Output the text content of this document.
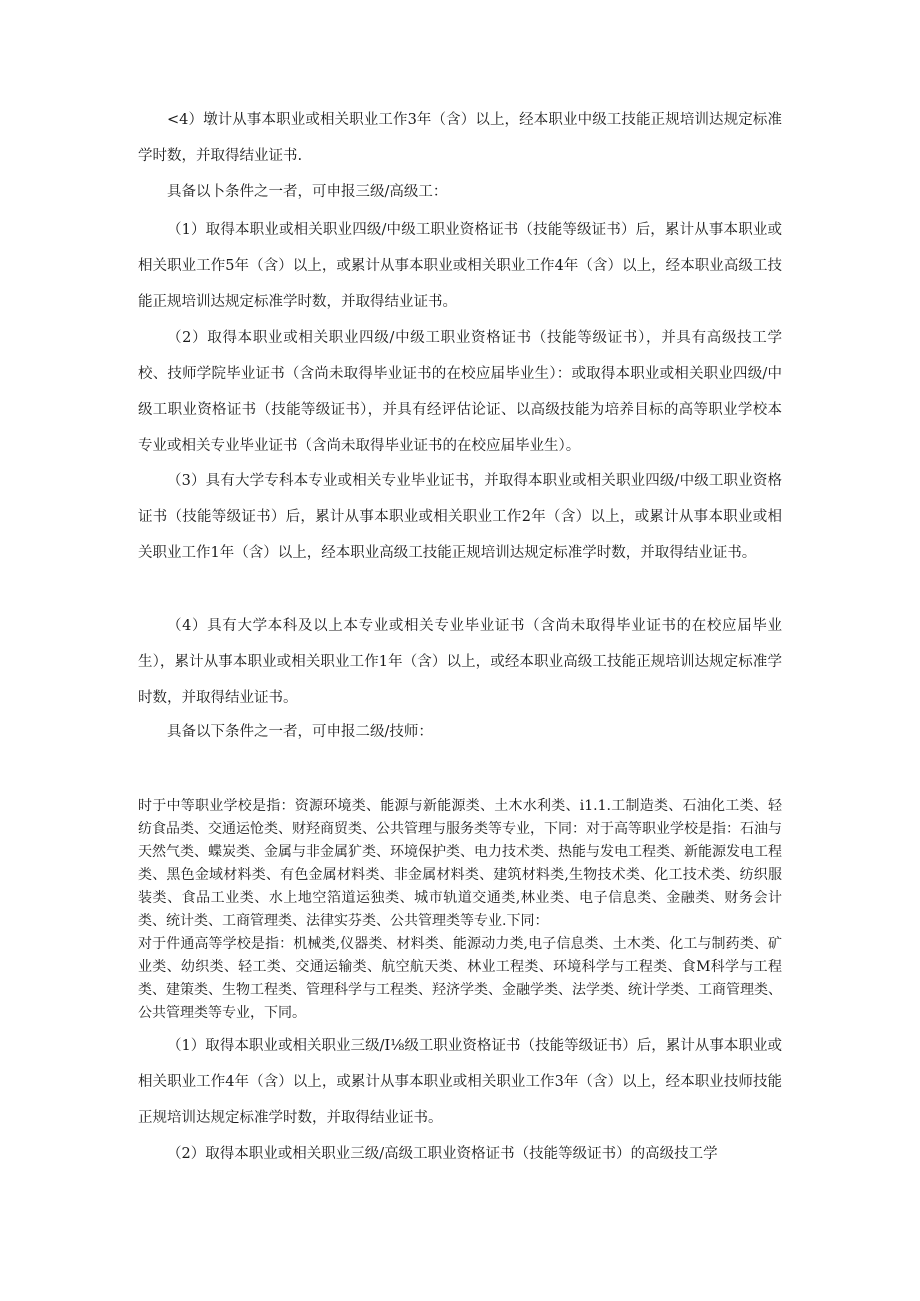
<4）墩计从事本职业或相关职业工作3年（含）以上，经本职业中级工技能正规培训达规定标准学时数，并取得结业证书.

具备以卜条件之一者，可申报三级/高级工：

（1）取得本职业或相关职业四级/中级工职业资格证书（技能等级证书）后，累计从事本职业或相关职业工作5年（含）以上，或累计从事本职业或相关职业工作4年（含）以上，经本职业高级工技能正规培训达规定标准学时数，并取得结业证书。

（2）取得本职业或相关职业四级/中级工职业资格证书（技能等级证书），并具有高级技工学校、技师学院毕业证书（含尚未取得毕业证书的在校应届毕业生）：或取得本职业或相关职业四级/中级工职业资格证书（技能等级证书），并具有经评估论证、以高级技能为培养目标的高等职业学校本专业或相关专业毕业证书（含尚未取得毕业证书的在校应届毕业生）。

（3）具有大学专科本专业或相关专业毕业证书，并取得本职业或相关职业四级/中级工职业资格证书（技能等级证书）后，累计从事本职业或相关职业工作2年（含）以上，或累计从事本职业或相关职业工作1年（含）以上，经本职业高级工技能正规培训达规定标准学时数，并取得结业证书。

（4）具有大学本科及以上本专业或相关专业毕业证书（含尚未取得毕业证书的在校应届毕业生），累计从事本职业或相关职业工作1年（含）以上，或经本职业高级工技能正规培训达规定标准学时数，并取得结业证书。

具备以下条件之一者，可申报二级/技师：

时于中等职业学校是指：资源环境类、能源与新能源类、土木水利类、i1.1.工制造类、石油化工类、轻纺食品类、交通运怆类、财羟商贸类、公共管理与服务类等专业，下同：对于高等职业学校是指：石油与天然气类、蝶炭类、金属与非金属犷类、环境保护类、电力技术类、热能与发电工程类、新能源发电工程类、黑色金域材料类、有色金属材料类、非金属材料类、建筑材料类,生物技术类、化工技术类、纺织服装类、食品工业类、水上地空箔道运独类、城市轨道交通类,林业类、电子信息类、金融类、财务会计类、统计类、工商管理类、法律实芬类、公共管理类等专业.下同：

对于件通高等学校是指：机械类,仪器类、材料类、能源动力类,电子信息类、土木类、化工与制药类、矿业类、幼织类、轻工类、交通运输类、航空航天类、林业工程类、环境科学与工程类、食M科学与工程类、建策类、生物工程类、管理科学与工程类、羟济学类、金融学类、法学类、统计学类、工商管理类、公共管理类等专业，下同。

（1）取得本职业或相关职业三级/I⅛级工职业资格证书（技能等级证书）后，累计从事本职业或相关职业工作4年（含）以上，或累计从事本职业或相关职业工作3年（含）以上，经本职业技师技能正规培训达规定标准学时数，并取得结业证书。

（2）取得本职业或相关职业三级/高级工职业资格证书（技能等级证书）的高级技工学
